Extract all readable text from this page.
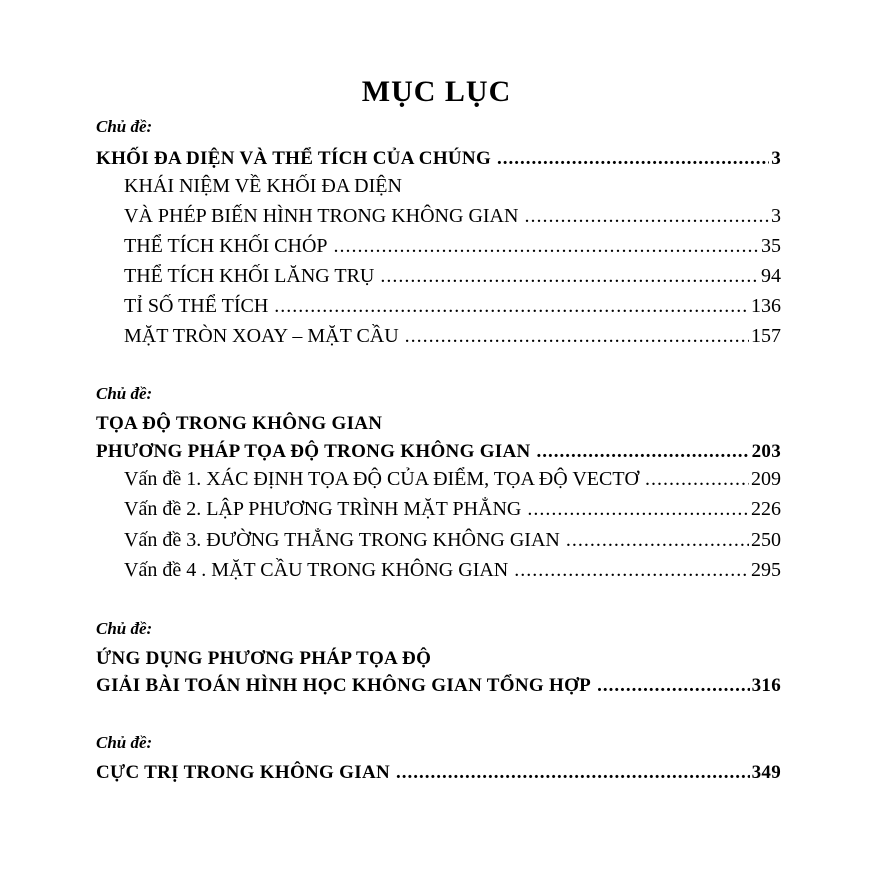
MỤC LỤC
Chủ đề:
KHỐI ĐA DIỆN VÀ THỂ TÍCH CỦA CHÚNG .....	3
KHÁI NIỆM VỀ KHỐI ĐA DIỆN
VÀ PHÉP BIẾN HÌNH TRONG KHÔNG GIAN .....	3
THỂ TÍCH KHỐI CHÓP .....	35
THỂ TÍCH KHỐI LĂNG TRỤ .....	94
TỈ SỐ THỂ TÍCH .....	136
MẶT TRÒN XOAY – MẶT CẦU .....	157
Chủ đề:
TỌA ĐỘ TRONG KHÔNG GIAN
PHƯƠNG PHÁP TỌA ĐỘ TRONG KHÔNG GIAN .....	203
Vấn đề 1. XÁC ĐỊNH TỌA ĐỘ CỦA ĐIỂM, TỌA ĐỘ VECTƠ .....	209
Vấn đề 2. LẬP PHƯƠNG TRÌNH MẶT PHẲNG .....	226
Vấn đề 3. ĐƯỜNG THẲNG TRONG KHÔNG GIAN .....	250
Vấn đề 4 . MẶT CẦU TRONG KHÔNG GIAN .....	295
Chủ đề:
ỨNG DỤNG PHƯƠNG PHÁP TỌA ĐỘ
GIẢI BÀI TOÁN HÌNH HỌC KHÔNG GIAN TỔNG HỢP .....	316
Chủ đề:
CỰC TRỊ TRONG KHÔNG GIAN .....	349
